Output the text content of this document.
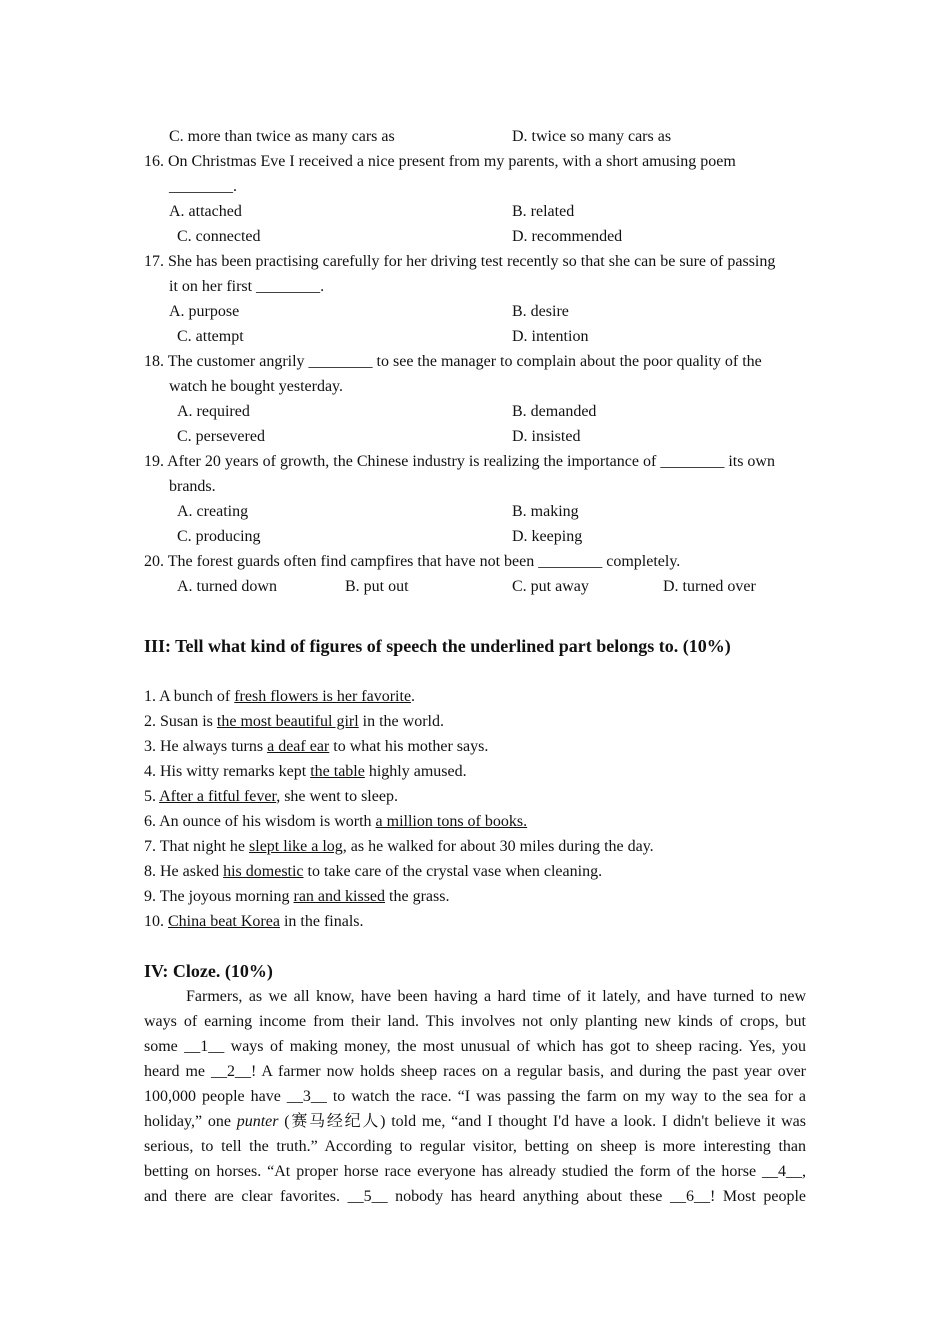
C. more than twice as many cars as	D. twice so many cars as
16. On Christmas Eve I received a nice present from my parents, with a short amusing poem
________.
A. attached	B. related
C. connected	D. recommended
17. She has been practising carefully for her driving test recently so that she can be sure of passing
it on her first ________.
A. purpose	B. desire
C. attempt	D. intention
18. The customer angrily ________ to see the manager to complain about the poor quality of the
watch he bought yesterday.
A. required	B. demanded
C. persevered	D. insisted
19. After 20 years of growth, the Chinese industry is realizing the importance of ________ its own
brands.
A. creating	B. making
C. producing	D. keeping
20. The forest guards often find campfires that have not been ________ completely.
A. turned down	B. put out	C. put away	D. turned over
III: Tell what kind of figures of speech the underlined part belongs to. (10%)
1. A bunch of fresh flowers is her favorite.
2. Susan is the most beautiful girl in the world.
3. He always turns a deaf ear to what his mother says.
4. His witty remarks kept the table highly amused.
5. After a fitful fever, she went to sleep.
6. An ounce of his wisdom is worth a million tons of books.
7. That night he slept like a log, as he walked for about 30 miles during the day.
8. He asked his domestic to take care of the crystal vase when cleaning.
9. The joyous morning ran and kissed the grass.
10. China beat Korea in the finals.
IV: Cloze. (10%)
Farmers, as we all know, have been having a hard time of it lately, and have turned to new
ways of earning income from their land. This involves not only planting new kinds of crops, but
some __1__ ways of making money, the most unusual of which has got to sheep racing. Yes, you
heard me __2__! A farmer now holds sheep races on a regular basis, and during the past year over
100,000 people have __3__ to watch the race. “I was passing the farm on my way to the sea for a
holiday,” one punter (赛马经纪人) told me, “and I thought I'd have a look. I didn't believe it was
serious, to tell the truth.” According to regular visitor, betting on sheep is more interesting than
betting on horses. “At proper horse race everyone has already studied the form of the horse __4__,
and there are clear favorites. __5__ nobody has heard anything about these __6__! Most people
